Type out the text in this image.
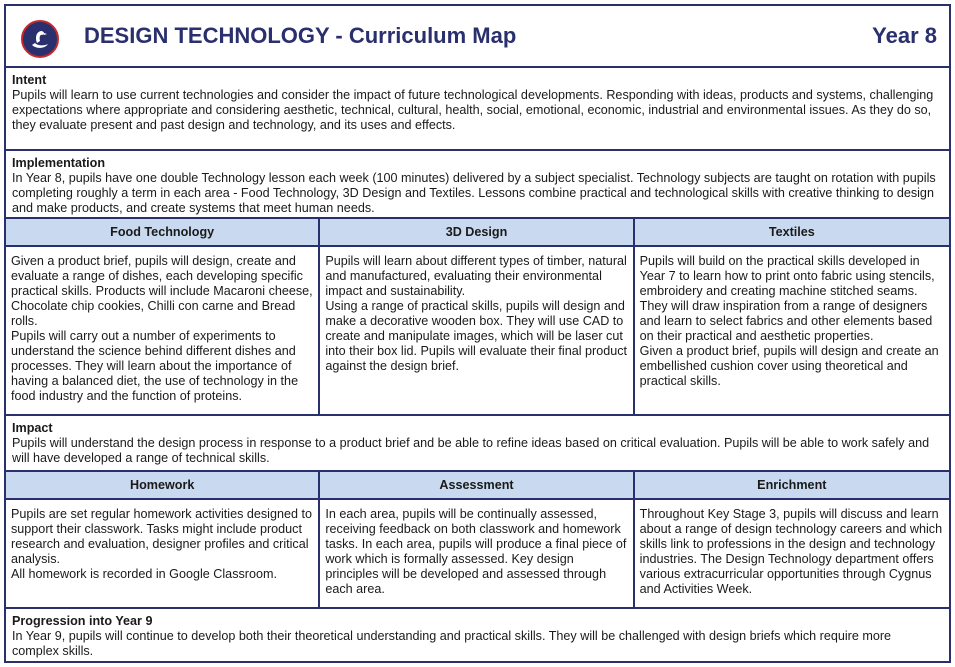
DESIGN TECHNOLOGY - Curriculum Map	Year 8
Intent
Pupils will learn to use current technologies and consider the impact of future technological developments. Responding with ideas, products and systems, challenging expectations where appropriate and considering aesthetic, technical, cultural, health, social, emotional, economic, industrial and environmental issues. As they do so, they evaluate present and past design and technology, and its uses and effects.
Implementation
In Year 8, pupils have one double Technology lesson each week (100 minutes) delivered by a subject specialist. Technology subjects are taught on rotation with pupils completing roughly a term in each area - Food Technology, 3D Design and Textiles. Lessons combine practical and technological skills with creative thinking to design and make products, and create systems that meet human needs.
Food Technology
Given a product brief, pupils will design, create and evaluate a range of dishes, each developing specific practical skills. Products will include Macaroni cheese, Chocolate chip cookies, Chilli con carne and Bread rolls.
Pupils will carry out a number of experiments to understand the science behind different dishes and processes. They will learn about the importance of having a balanced diet, the use of technology in the food industry and the function of proteins.
3D Design
Pupils will learn about different types of timber, natural and manufactured, evaluating their environmental impact and sustainability.
Using a range of practical skills, pupils will design and make a decorative wooden box. They will use CAD to create and manipulate images, which will be laser cut into their box lid. Pupils will evaluate their final product against the design brief.
Textiles
Pupils will build on the practical skills developed in Year 7 to learn how to print onto fabric using stencils, embroidery and creating machine stitched seams. They will draw inspiration from a range of designers and learn to select fabrics and other elements based on their practical and aesthetic properties.
Given a product brief, pupils will design and create an embellished cushion cover using theoretical and practical skills.
Impact
Pupils will understand the design process in response to a product brief and be able to refine ideas based on critical evaluation. Pupils will be able to work safely and will have developed a range of technical skills.
Homework
Pupils are set regular homework activities designed to support their classwork. Tasks might include product research and evaluation, designer profiles and critical analysis.
All homework is recorded in Google Classroom.
Assessment
In each area, pupils will be continually assessed, receiving feedback on both classwork and homework tasks. In each area, pupils will produce a final piece of work which is formally assessed. Key design principles will be developed and assessed through each area.
Enrichment
Throughout Key Stage 3, pupils will discuss and learn about a range of design technology careers and which skills link to professions in the design and technology industries. The Design Technology department offers various extracurricular opportunities through Cygnus and Activities Week.
Progression into Year 9
In Year 9, pupils will continue to develop both their theoretical understanding and practical skills. They will be challenged with design briefs which require more complex skills.
